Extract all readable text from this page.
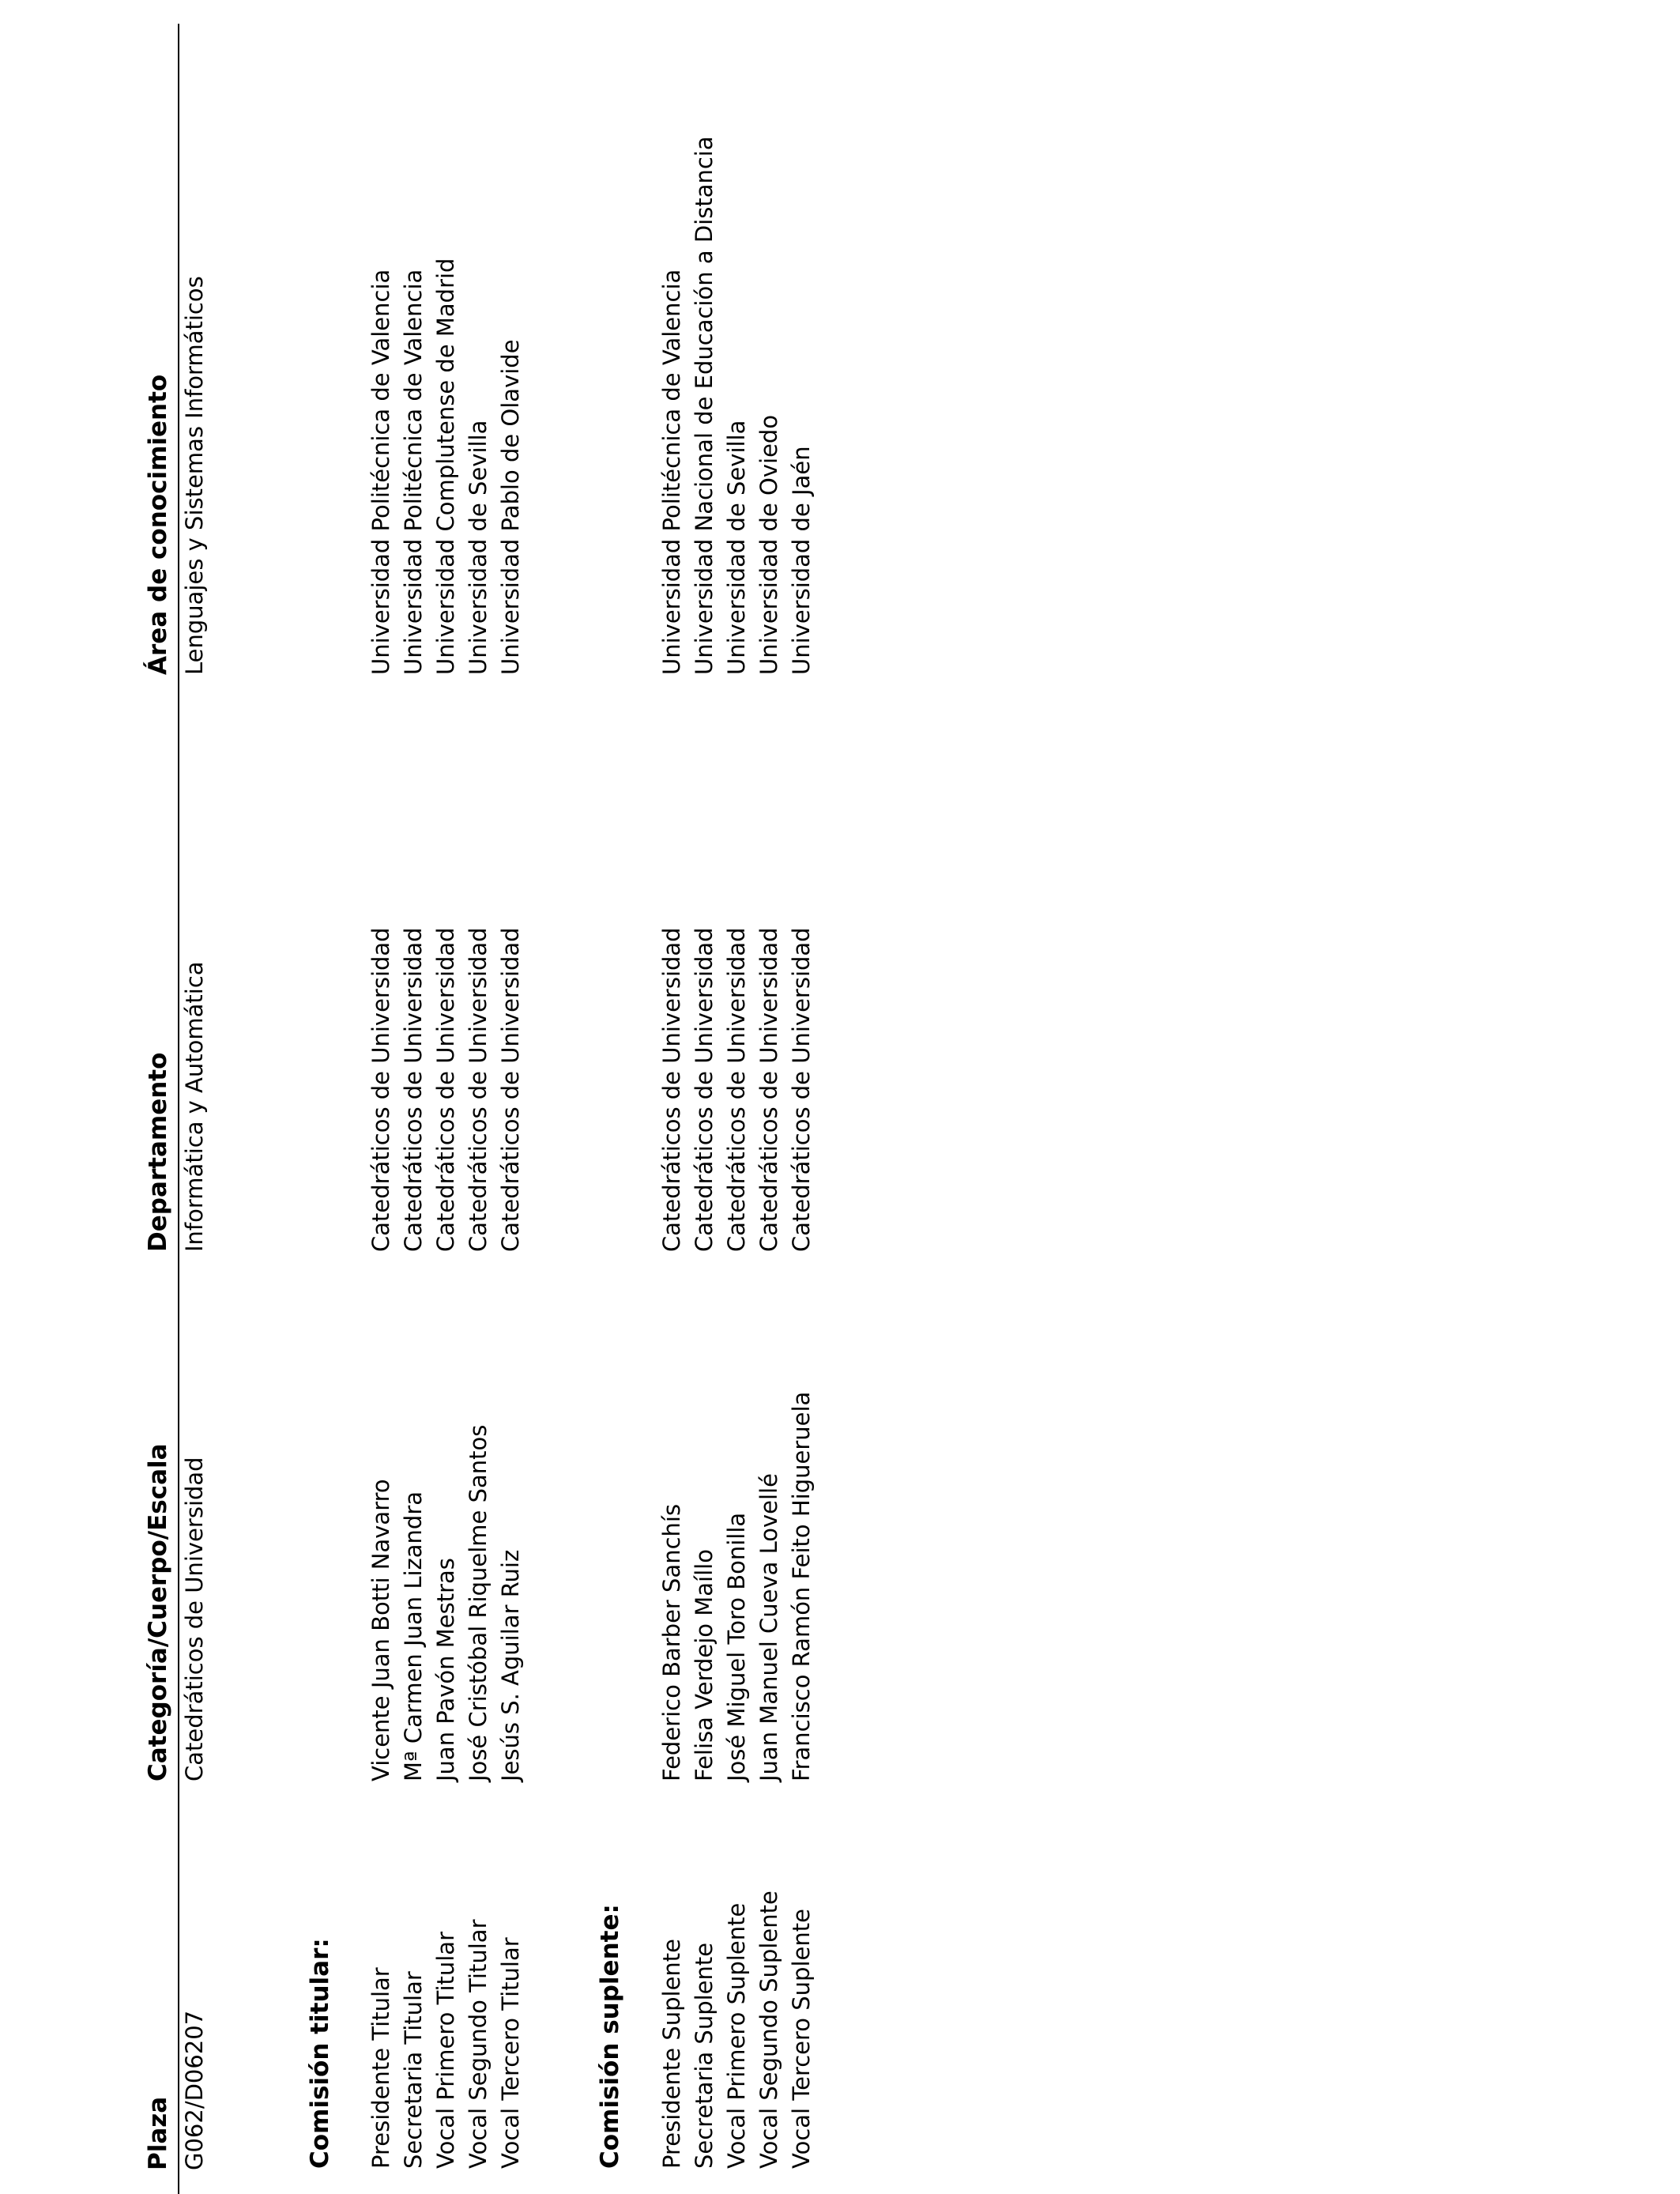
Plaza
Categoría/Cuerpo/Escala
Departamento
Área de conocimiento
G062/D06207
Catedráticos de Universidad
Informática y Automática
Lenguajes y Sistemas Informáticos
Comisión titular: Presidente Titular
Vicente Juan Botti Navarro
Catedráticos de Universidad
Universidad Politécnica de Valencia
Secretaria Titular
Mª Carmen Juan Lizandra
Catedráticos de Universidad
Universidad Politécnica de Valencia
Vocal Primero Titular
Juan Pavón Mestras
Catedráticos de Universidad
Universidad Complutense de Madrid
Vocal Segundo Titular
José Cristóbal Riquelme Santos
Catedráticos de Universidad
Universidad de Sevilla
Vocal Tercero Titular
Jesús S. Aguilar Ruiz
Catedráticos de Universidad
Universidad Pablo de Olavide
Comisión suplente: Presidente Suplente
Federico Barber Sanchís
Catedráticos de Universidad
Universidad Politécnica de Valencia
Secretaria Suplente
Felisa Verdejo Maíllo
Catedráticos de Universidad
Universidad Nacional de Educación a Distancia
Vocal Primero Suplente
José Miguel Toro Bonilla
Catedráticos de Universidad
Universidad de Sevilla
Vocal Segundo Suplente
Juan Manuel Cueva Lovellé
Catedráticos de Universidad
Universidad de Oviedo
Vocal Tercero Suplente
Francisco Ramón Feito Higueruela
Catedráticos de Universidad
Universidad de Jaén
